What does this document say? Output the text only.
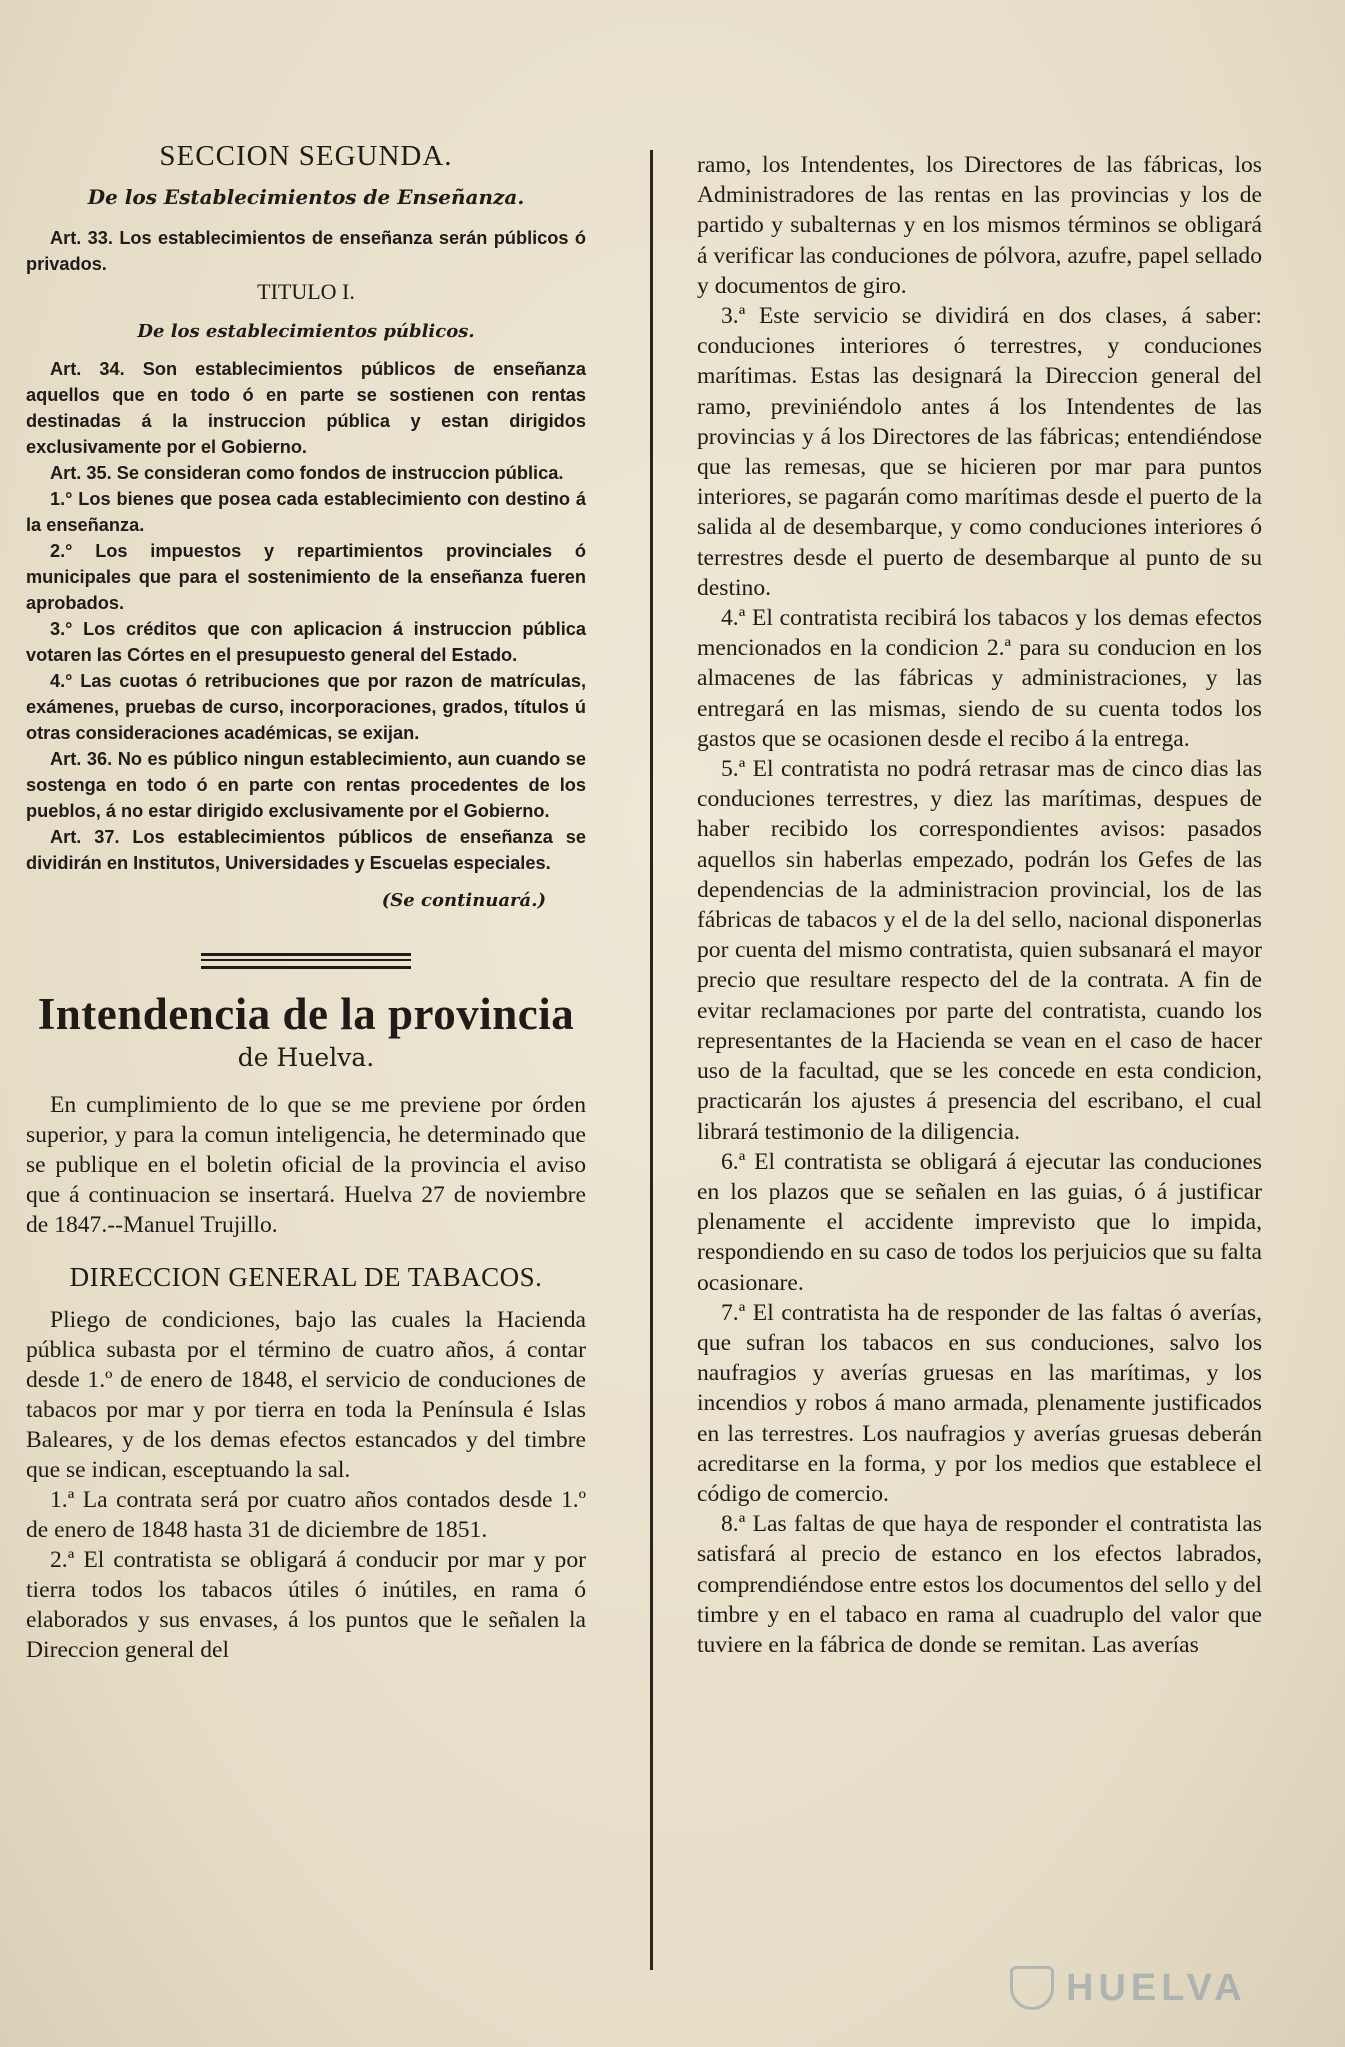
SECCION SEGUNDA.
De los Establecimientos de Enseñanza.

Art. 33. Los establecimientos de enseñanza serán públicos ó privados.

TITULO I.
De los establecimientos públicos.

Art. 34. Son establecimientos públicos de enseñanza aquellos que en todo ó en parte se sostienen con rentas destinadas á la instruccion pública y estan dirigidos exclusivamente por el Gobierno.

Art. 35. Se consideran como fondos de instruccion pública.

1.° Los bienes que posea cada establecimiento con destino á la enseñanza.

2.° Los impuestos y repartimientos provinciales ó municipales que para el sostenimiento de la enseñanza fueren aprobados.

3.° Los créditos que con aplicacion á instruccion pública votaren las Córtes en el presupuesto general del Estado.

4.° Las cuotas ó retribuciones que por razon de matrículas, exámenes, pruebas de curso, incorporaciones, grados, títulos ú otras consideraciones académicas, se exijan.

Art. 36. No es público ningun establecimiento, aun cuando se sostenga en todo ó en parte con rentas procedentes de los pueblos, á no estar dirigido exclusivamente por el Gobierno.

Art. 37. Los establecimientos públicos de enseñanza se dividirán en Institutos, Universidades y Escuelas especiales.

(Se continuará.)
Intendencia de la provincia
de Huelva.

En cumplimiento de lo que se me previene por órden superior, y para la comun inteligencia, he determinado que se publique en el boletin oficial de la provincia el aviso que á continuacion se insertará. Huelva 27 de noviembre de 1847.--Manuel Trujillo.

DIRECCION GENERAL DE TABACOS.

Pliego de condiciones, bajo las cuales la Hacienda pública subasta por el término de cuatro años, á contar desde 1.º de enero de 1848, el servicio de conduciones de tabacos por mar y por tierra en toda la Península é Islas Baleares, y de los demas efectos estancados y del timbre que se indican, esceptuando la sal.

1.ª La contrata será por cuatro años contados desde 1.º de enero de 1848 hasta 31 de diciembre de 1851.

2.ª El contratista se obligará á conducir por mar y por tierra todos los tabacos útiles ó inútiles, en rama ó elaborados y sus envases, á los puntos que le señalen la Direccion general del

ramo, los Intendentes, los Directores de las fábricas, los Administradores de las rentas en las provincias y los de partido y subalternas y en los mismos términos se obligará á verificar las conduciones de pólvora, azufre, papel sellado y documentos de giro.

3.ª Este servicio se dividirá en dos clases, á saber: conduciones interiores ó terrestres, y conduciones marítimas. Estas las designará la Direccion general del ramo, previniéndolo antes á los Intendentes de las provincias y á los Directores de las fábricas; entendiéndose que las remesas, que se hicieren por mar para puntos interiores, se pagarán como marítimas desde el puerto de la salida al de desembarque, y como conduciones interiores ó terrestres desde el puerto de desembarque al punto de su destino.

4.ª El contratista recibirá los tabacos y los demas efectos mencionados en la condicion 2.ª para su conducion en los almacenes de las fábricas y administraciones, y las entregará en las mismas, siendo de su cuenta todos los gastos que se ocasionen desde el recibo á la entrega.

5.ª El contratista no podrá retrasar mas de cinco dias las conduciones terrestres, y diez las marítimas, despues de haber recibido los correspondientes avisos: pasados aquellos sin haberlas empezado, podrán los Gefes de las dependencias de la administracion provincial, los de las fábricas de tabacos y el de la del sello, nacional disponerlas por cuenta del mismo contratista, quien subsanará el mayor precio que resultare respecto del de la contrata. A fin de evitar reclamaciones por parte del contratista, cuando los representantes de la Hacienda se vean en el caso de hacer uso de la facultad, que se les concede en esta condicion, practicarán los ajustes á presencia del escribano, el cual librará testimonio de la diligencia.

6.ª El contratista se obligará á ejecutar las conduciones en los plazos que se señalen en las guias, ó á justificar plenamente el accidente imprevisto que lo impida, respondiendo en su caso de todos los perjuicios que su falta ocasionare.

7.ª El contratista ha de responder de las faltas ó averías, que sufran los tabacos en sus conduciones, salvo los naufragios y averías gruesas en las marítimas, y los incendios y robos á mano armada, plenamente justificados en las terrestres. Los naufragios y averías gruesas deberán acreditarse en la forma, y por los medios que establece el código de comercio.

8.ª Las faltas de que haya de responder el contratista las satisfará al precio de estanco en los efectos labrados, comprendiéndose entre estos los documentos del sello y del timbre y en el tabaco en rama al cuadruplo del valor que tuviere en la fábrica de donde se remitan. Las averías

HUELVA
